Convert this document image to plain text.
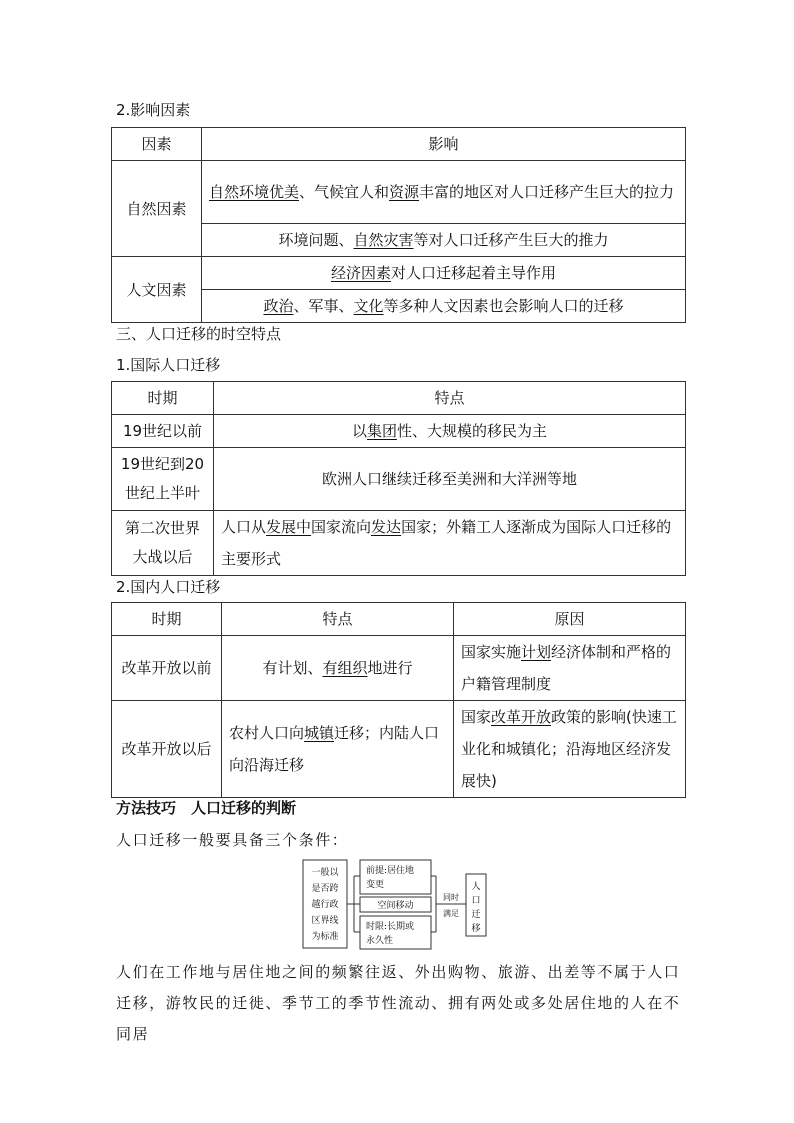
2.影响因素
因素	影响
自然因素	自然环境优美、气候宜人和资源丰富的地区对人口迁移产生巨大的拉力
	环境问题、自然灾害等对人口迁移产生巨大的推力
人文因素	经济因素对人口迁移起着主导作用
	政治、军事、文化等多种人文因素也会影响人口的迁移
三、人口迁移的时空特点
1.国际人口迁移
时期	特点
19世纪以前	以集团性、大规模的移民为主
19世纪到20世纪上半叶	欧洲人口继续迁移至美洲和大洋洲等地
第二次世界大战以后	人口从发展中国家流向发达国家；外籍工人逐渐成为国际人口迁移的主要形式
2.国内人口迁移
时期	特点	原因
改革开放以前	有计划、有组织地进行	国家实施计划经济体制和严格的户籍管理制度
改革开放以后	农村人口向城镇迁移；内陆人口向沿海迁移	国家改革开放政策的影响(快速工业化和城镇化；沿海地区经济发展快)
方法技巧　人口迁移的判断
人口迁移一般要具备三个条件：
一般以
是否跨
越行政
区界线
为标准
前提:居住地
变更
空间移动
时限:长期或
永久性
同时
满足
人
口
迁
移
人们在工作地与居住地之间的频繁往返、外出购物、旅游、出差等不属于人口迁移，游牧民的迁徙、季节工的季节性流动、拥有两处或多处居住地的人在不同居
